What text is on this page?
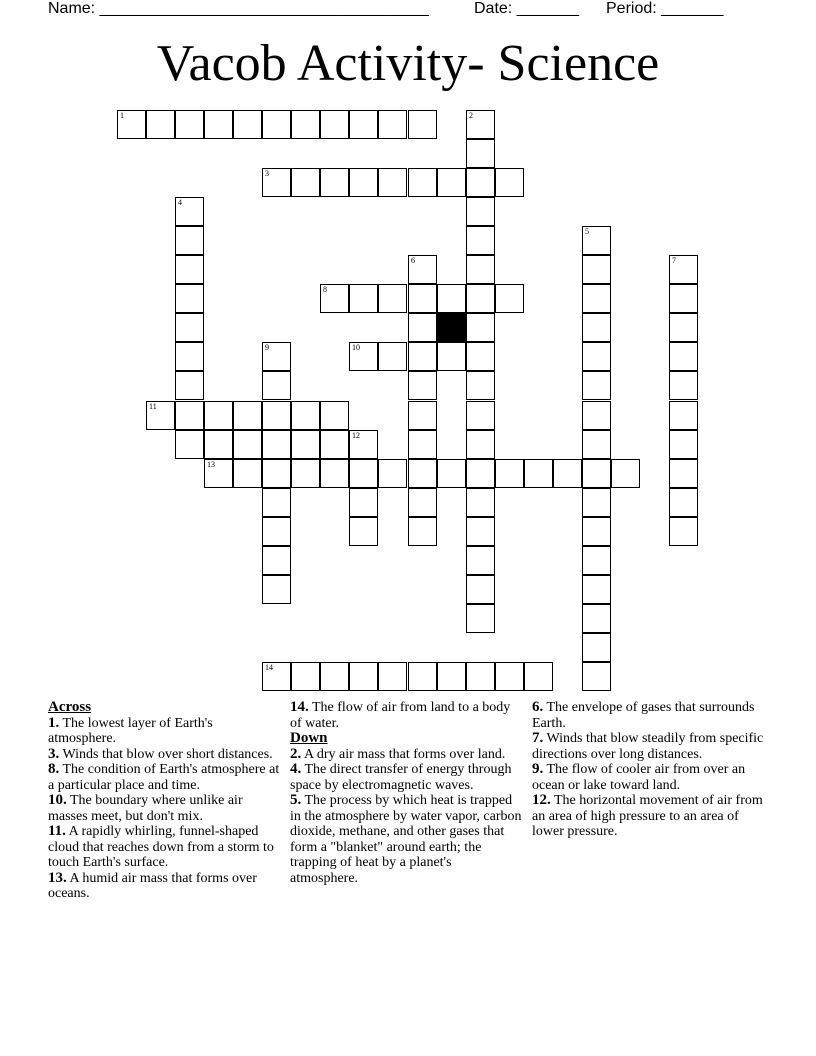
Name: _____________________________________	Date: _______ Period: _______
Vacob Activity- Science
1	2
3
4
5
6	7
8
9	10
11
12
13
14
Across
1. The lowest layer of Earth's atmosphere.
3. Winds that blow over short distances.
8. The condition of Earth's atmosphere at a particular place and time.
10. The boundary where unlike air masses meet, but don't mix.
11. A rapidly whirling, funnel-shaped cloud that reaches down from a storm to touch Earth's surface.
13. A humid air mass that forms over oceans.
14. The flow of air from land to a body of water.
Down
2. A dry air mass that forms over land.
4. The direct transfer of energy through space by electromagnetic waves.
5. The process by which heat is trapped in the atmosphere by water vapor, carbon dioxide, methane, and other gases that form a "blanket" around earth; the trapping of heat by a planet's atmosphere.
6. The envelope of gases that surrounds Earth.
7. Winds that blow steadily from specific directions over long distances.
9. The flow of cooler air from over an ocean or lake toward land.
12. The horizontal movement of air from an area of high pressure to an area of lower pressure.
